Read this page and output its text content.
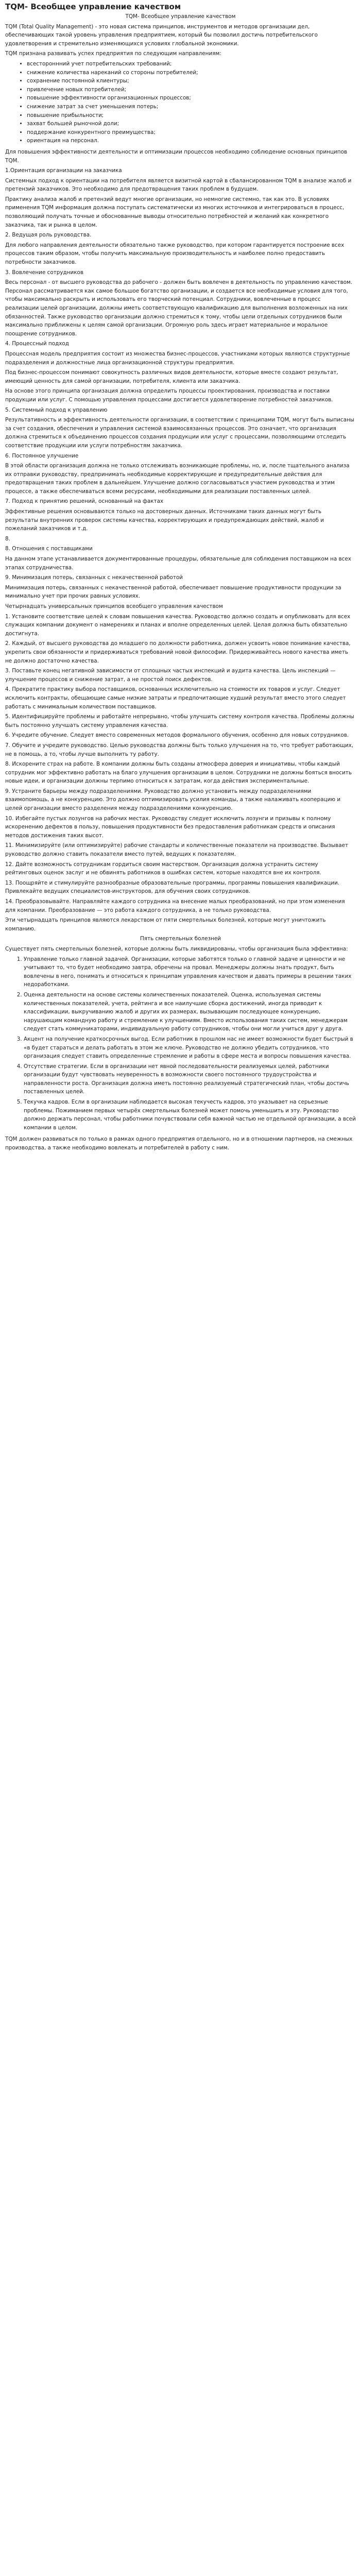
TQM- Всеобщее управление качеством

TQM- Всеобщее управление качеством

TQM (Total Quality Management) - это новая система принципов, инструментов и методов организации дел, обеспечивающих такой уровень управления предприятием, который бы позволил достичь потребительского удовлетворения и стремительно изменяющихся условиях глобальной экономики.

TQM признана развивать успех предприятия по следующим направлениям:

• всестороннний учет потребительских требований;
• снижение количества нареканий со стороны потребителей;
• сохранение постоянной клиентуры;
• привлечение новых потребителей;
• повышение эффективности организационных процессов;
• снижение затрат за счет уменьшения потерь;
• повышение прибыльности;
• захват большей рыночной доли;
• поддержание конкурентного преимущества;
• ориентация на персонал.

Для повышения эффективности деятельности и оптимизации процессов необходимо соблюдение основных принципов TQM.

1.Ориентация организации на заказчика

Системных подход к ориентации на потребителя является визитной картой в сбалансированном TQM в анализе жалоб и претензий заказчиков. Это необходимо для предотвращения таких проблем в будущем.

Практику анализа жалоб и претензий ведут многие организации, но немногие системно, так как это. В условиях применения TQM информация должна поступать систематически из многих источников и интегрироваться в процесс, позволяющий получать точные и обоснованные выводы относительно потребностей и желаний как конкретного заказчика, так и рынка в целом.

2. Ведущая роль руководства.

Для любого направления деятельности обязательно также руководство, при котором гарантируется построение всех процессов таким образом, чтобы получить максимальную производительность и наиболее полно предоставить потребности заказчиков.

3. Вовлечение сотрудников

Весь персонал - от высшего руководства до рабочего - должен быть вовлечен в деятельность по управлению качеством. Персонал рассматривается как самое большое богатство организации, и создается все необходимые условия для того, чтобы максимально раскрыть и использовать его творческий потенциал. Сотрудники, вовлеченные в процесс реализации целей организации, должны иметь соответствующую квалификацию для выполнения возложенных на них обязанностей. Также руководство организации должно стремиться к тому, чтобы цели отдельных сотрудников были максимально приближены к целям самой организации. Огромную роль здесь играет материальное и моральное поощрение сотрудников.

4. Процессный подход

Процессная модель предприятия состоит из множества бизнес-процессов, участниками которых являются структурные подразделения и должностные лица организационной структуры предприятия.

Под бизнес-процессом понимают совокупность различных видов деятельности, которые вместе создают результат, имеющий ценность для самой организации, потребителя, клиента или заказчика.

На основе этого принципа организация должна определить процессы проектирования, производства и поставки продукции или услуг. С помощью управления процессами достигается удовлетворение потребностей заказчиков.

5. Системный подход к управлению

Результативность и эффективность деятельности организации, в соответствии с принципами TQM, могут быть выписаны за счет создания, обеспечения и управления системой взаимосвязанных процессов. Это означает, что организация должна стремиться к объединению процессов создания продукции или услуг с процессами, позволяющими отследить соответствие продукции или услуги потребностям заказчика.

6. Постоянное улучшение

В этой области организация должна не только отслеживать возникающие проблемы, но, и, после тщательного анализа их отправки руководству, предпринимать необходимые корректирующие и предупредительные действия для предотвращения таких проблем в дальнейшем. Улучшение должно согласовываться участием руководства и этим процессе, а также обеспечиваться всеми ресурсами, необходимыми для реализации поставленных целей.

7. Подход к принятию решений, основанный на фактах

Эффективные решения основываются только на достоверных данных. Источниками таких данных могут быть результаты внутренних проверок системы качества, корректирующих и предупреждающих действий, жалоб и пожеланий заказчиков и т.д.

8.

8. Отношения с поставщиками

На данном этапе устанавливается документированные процедуры, обязательные для соблюдения поставщиком на всех этапах сотрудничества.

9. Минимизация потерь, связанных с некачественной работой

Минимизация потерь, связанных с некачественной работой, обеспечивает повышение продуктивности продукции за минимально учет при прочих равных условиях.

Четырнадцать универсальных принципов всеобщего управления качеством

1. Установите соответствие целей к словам повышения качества. Руководство должно создать и опубликовать для всех служащих компании документ о намерениях и планах и вполне определенных целей. Целая должна быть обязательно достигнута.

2. Каждый, от высшего руководства до младшего по должности работника, должен усвоить новое понимание качества, укрепить свои обязанности и придерживаться требований новой философии. Придерживайтесь нового качества иметь не должно достаточно качества.

3. Поставьте конец негативной зависимости от сплошных частых инспекций и аудита качества. Цель инспекций — улучшение процессов и снижение затрат, а не простой поиск дефектов.

4. Прекратите практику выбора поставщиков, основанных исключительно на стоимости их товаров и услуг. Следует исключить контракты, обещающие самые низкие затраты и предпочитающие худший результат вместо этого следует работать с минимальным количеством поставщиков.

5. Идентифицируйте проблемы и работайте непрерывно, чтобы улучшить систему контроля качества. Проблемы должны быть постоянно улучшать систему управления качества.

6. Учредите обучение. Следует вместо современных методов формального обучения, особенно для новых сотрудников.

7. Обучите и учредите руководство. Целью руководства должны быть только улучшения на то, что требует работающих, не в помощь, а то, чтобы лучше выполнить ту работу.

8. Искорените страх на работе. В компании должны быть созданы атмосфера доверия и инициативы, чтобы каждый сотрудник мог эффективно работать на благо улучшения организации в целом. Сотрудники не должны бояться вносить новые идеи, и организации должны терпимо относиться к затратам, когда действия экспериментальные.

9. Устраните барьеры между подразделениями. Руководство должно установить между подразделениями взаимопомощь, а не конкуренцию. Это должно оптимизировать усилия команды, а также налаживать кооперацию и целей организации вместо разделения между подразделениями конкуренцию.

10. Избегайте пустых лозунгов на рабочих местах. Руководству следует исключить лозунги и призывы к полному искоренению дефектов в пользу, повышения продуктивности без предоставления работникам средств и описания методов достижения таких высот.

11. Минимизируйте (или оптимизируйте) рабочие стандарты и количественные показатели на производстве. Вызывает руководство должно ставить показатели вместо путей, ведущих к показателям.

12. Дайте возможность сотрудникам гордиться своим мастерством. Организация должна устранить систему рейтинговых оценок заслуг и не обвинять работников в ошибках систем, которые находятся вне их контроля.

13. Поощряйте и стимулируйте разнообразные образовательные программы, программы повышения квалификации. Привлекайте ведущих специалистов-инструкторов, для обучения своих сотрудников.

14. Преобразовывайте. Направляйте каждого сотрудника на внесение малых преобразований, но при этом изменения для компании. Преобразование — это работа каждого сотрудника, а не только руководства.

Эти четырнадцать принципов являются лекарством от пяти смертельных болезней, которые могут уничтожить компанию.

Пять смертельных болезней

Существует пять смертельных болезней, которые должны быть ликвидированы, чтобы организация была эффективна:

1. Управление только главной задачей. Организации, которые заботятся только о главной задаче и ценности и не учитывают то, что будет необходимо завтра, обречены на провал. Менеджеры должны знать продукт, быть вовлечены в него, понимать и относиться к принципам управления качеством и давать примеры в решении таких недоработками.
2. Оценка деятельности на основе системы количественных показателей. Оценка, используемая системы количественных показателей, учета, рейтинга и все наилучшие сборка достижений, иногда приводит к классификации, выкручиванию жалоб и других их размерах, вызывающим последующее конкуренцию, нарушающим командную работу и стремление к улучшениям. Вместо использования таких систем, менеджерам следует стать коммуникаторами, индивидуальную работу сотрудников, чтобы они могли учиться друг у друга.
3. Акцент на получение краткосрочных выгод. Если работник в прошлом нас не имеет возможности будет быстрый в «в будет стараться и делать работать в этом же ключе. Руководство не должно убедить сотрудников, что организация следует ставить определенные стремление и работы в сфере места и вопросы повышения качества.
4. Отсутствие стратегии. Если в организации нет явной последовательности реализуемых целей, работники организации будут чувствовать неуверенность в возможности своего постоянного трудоустройства и направленности роста. Организация должна иметь постоянно реализуемый стратегический план, чтобы достичь поставленных целей.
5. Текучка кадров. Если в организации наблюдается высокая текучесть кадров, это указывает на серьезные проблемы. Пожиманием первых четырёх смертельных болезней может помочь уменьшить и эту. Руководство должно держать персонал, чтобы работники почувствовали себя важной частью не отдельной организации, а всей компании в целом.

TQM должен развиваться по только в рамках одного предприятия отдельного, но и в отношении партнеров, на смежных производства, а также необходимо вовлекать и потребителей в работу с ним.
